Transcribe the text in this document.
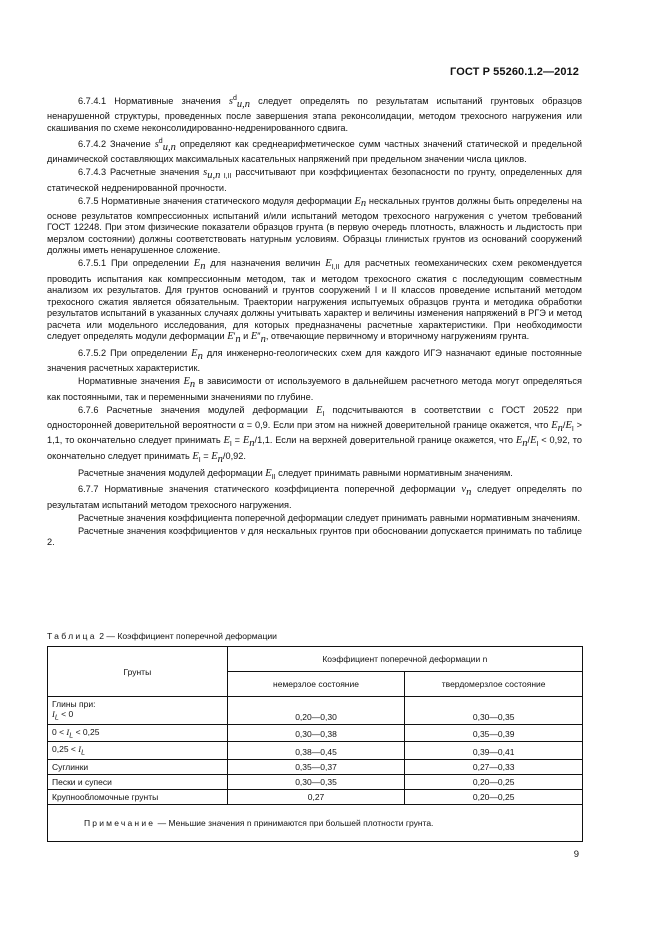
ГОСТ Р 55260.1.2—2012

6.7.4.1 Нормативные значения $s^d_{u,n}$ следует определять по результатам испытаний грунтовых образцов ненарушенной структуры, проведенных после завершения этапа реконсолидации, методом трехосного нагружения или скашивания по схеме неконсолидированно-недренированного сдвига.

6.7.4.2 Значение $s^d_{u,n}$ определяют как среднеарифметическое сумм частных значений статической и предельной динамической составляющих максимальных касательных напряжений при предельном значении числа циклов.

6.7.4.3 Расчетные значения $s_{u,n I,II}$ рассчитывают при коэффициентах безопасности по грунту, определенных для статической недренированной прочности.

6.7.5 Нормативные значения статического модуля деформации $E_n$ нескальных грунтов должны быть определены на основе результатов компрессионных испытаний и/или испытаний методом трехосного нагружения с учетом требований ГОСТ 12248. При этом физические показатели образцов грунта (в первую очередь плотность, влажность и льдистость при мерзлом состоянии) должны соответствовать натурным условиям. Образцы глинистых грунтов из оснований сооружений должны иметь ненарушенное сложение.

6.7.5.1 При определении $E_n$ для назначения величин $E_{I,II}$ для расчетных геомеханических схем рекомендуется проводить испытания как компрессионным методом, так и методом трехосного сжатия с последующим совместным анализом их результатов. Для грунтов оснований и грунтов сооружений I и II классов проведение испытаний методом трехосного сжатия является обязательным. Траектории нагружения испытуемых образцов грунта и методика обработки результатов испытаний в указанных случаях должны учитывать характер и величины изменения напряжений в РГЭ и метод расчета или модельного исследования, для которых предназначены расчетные характеристики. При необходимости следует определять модули деформации $E'_n$ и $E''_n$, отвечающие первичному и вторичному нагружениям грунта.

6.7.5.2 При определении $E_n$ для инженерно-геологических схем для каждого ИГЭ назначают единые постоянные значения расчетных характеристик.

Нормативные значения $E_n$ в зависимости от используемого в дальнейшем расчетного метода могут определяться как постоянными, так и переменными значениями по глубине.

6.7.6 Расчетные значения модулей деформации $E_I$ подсчитываются в соответствии с ГОСТ 20522 при односторонней доверительной вероятности α = 0,9. Если при этом на нижней доверительной границе окажется, что $E_n/E_I > 1,1$, то окончательно следует принимать $E_I = E_n/1,1$. Если на верхней доверительной границе окажется, что $E_n/E_I < 0,92$, то окончательно следует принимать $E_I = E_n/0,92$.

Расчетные значения модулей деформации $E_{II}$ следует принимать равными нормативным значениям.

6.7.7 Нормативные значения статического коэффициента поперечной деформации $\nu_n$ следует определять по результатам испытаний методом трехосного нагружения.

Расчетные значения коэффициента поперечной деформации следует принимать равными нормативным значениям.

Расчетные значения коэффициентов ν для нескальных грунтов при обосновании допускается принимать по таблице 2.

Таблица 2 — Коэффициент поперечной деформации
Грунты	Коэффициент поперечной деформации n	
	немерзлое состояние	твердомерзлое состояние
Глины при:
$I_L < 0$	0,20—0,30	0,30—0,35
$0 < I_L < 0,25$	0,30—0,38	0,35—0,39
$0,25 < I_L$	0,38—0,45	0,39—0,41
Суглинки	0,35—0,37	0,27—0,33
Пески и супеси	0,30—0,35	0,20—0,25
Крупнообломочные грунты	0,27	0,20—0,25
Примечание — Меньшие значения n принимаются при большей плотности грунта.		
9
